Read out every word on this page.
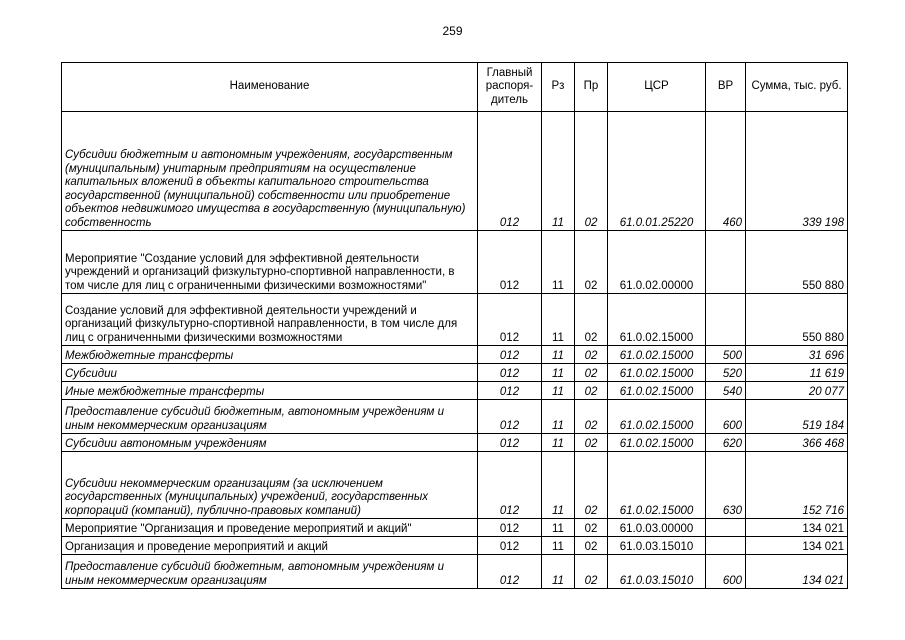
259
Наименование	Главный распоря-дитель	Рз	Пр	ЦСР	ВР	Сумма, тыс. руб.
Субсидии бюджетным и автономным учреждениям, государственным (муниципальным) унитарным предприятиям на осуществление капитальных вложений в объекты капитального строительства государственной (муниципальной) собственности или приобретение объектов недвижимого имущества в государственную (муниципальную) собственность	012	11	02	61.0.01.25220	460	339 198
Мероприятие "Создание условий для эффективной деятельности учреждений и организаций физкультурно-спортивной направленности, в том числе для лиц с ограниченными физическими возможностями"	012	11	02	61.0.02.00000		550 880
Создание условий для эффективной деятельности учреждений и организаций физкультурно-спортивной направленности, в том числе для лиц с ограниченными физическими возможностями	012	11	02	61.0.02.15000		550 880
Межбюджетные трансферты	012	11	02	61.0.02.15000	500	31 696
Субсидии	012	11	02	61.0.02.15000	520	11 619
Иные межбюджетные трансферты	012	11	02	61.0.02.15000	540	20 077
Предоставление субсидий бюджетным, автономным учреждениям и иным некоммерческим организациям	012	11	02	61.0.02.15000	600	519 184
Субсидии автономным учреждениям	012	11	02	61.0.02.15000	620	366 468
Субсидии некоммерческим организациям (за исключением государственных (муниципальных) учреждений, государственных корпораций (компаний), публично-правовых компаний)	012	11	02	61.0.02.15000	630	152 716
Мероприятие "Организация и проведение мероприятий и акций"	012	11	02	61.0.03.00000		134 021
Организация и проведение мероприятий и акций	012	11	02	61.0.03.15010		134 021
Предоставление субсидий бюджетным, автономным учреждениям и иным некоммерческим организациям	012	11	02	61.0.03.15010	600	134 021
